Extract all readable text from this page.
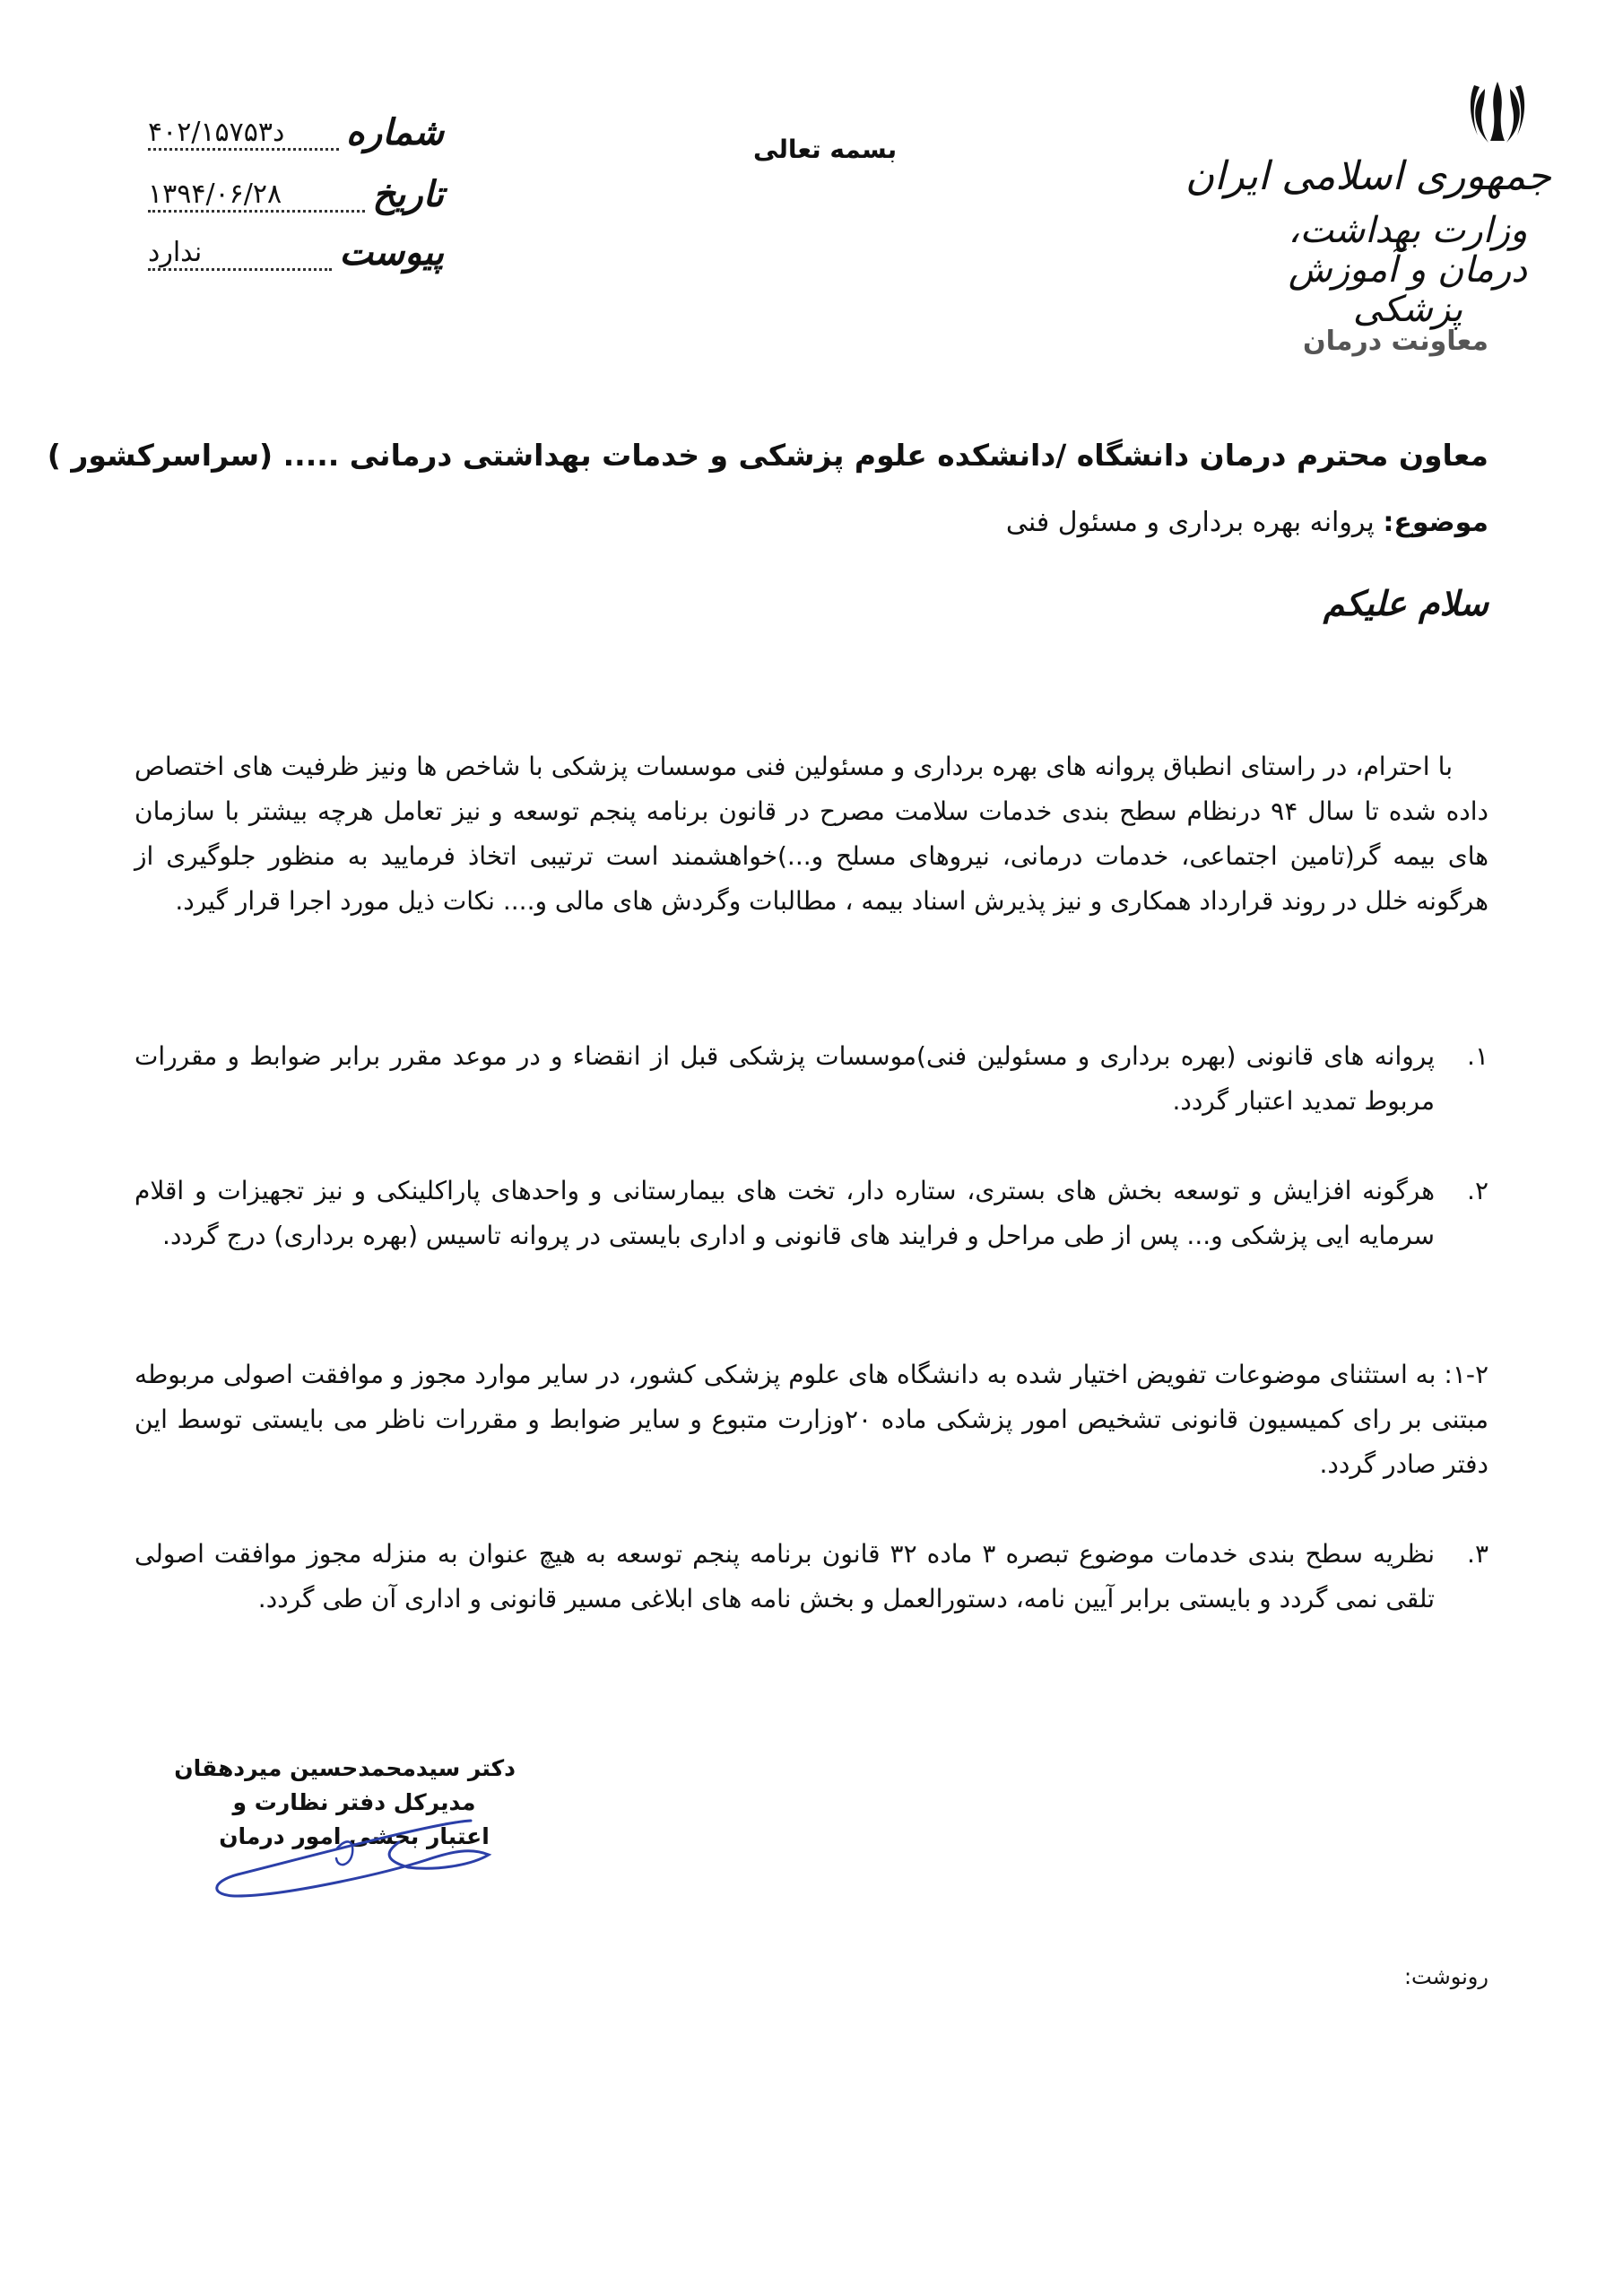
جمهوری اسلامی ایران
وزارت بهداشت، درمان و آموزش پزشکی
معاونت درمان
بسمه تعالی
شماره
۴۰۲/۱۵۷۵۳د
تاریخ
۱۳۹۴/۰۶/۲۸
پیوست
ندارد
معاون محترم درمان دانشگاه /دانشکده علوم پزشکی و خدمات بهداشتی درمانی ..... (سراسرکشور )
موضوع: پروانه بهره برداری و مسئول فنی
سلام علیکم

با احترام، در راستای انطباق پروانه های بهره برداری و مسئولین فنی موسسات پزشکی با شاخص ها ونیز ظرفیت های اختصاص داده شده تا سال ۹۴ درنظام سطح بندی خدمات سلامت مصرح در قانون برنامه پنجم توسعه و نیز تعامل هرچه بیشتر با سازمان های بیمه گر(تامین اجتماعی، خدمات درمانی، نیروهای مسلح و...)خواهشمند است ترتیبی اتخاذ فرمایید به منظور جلوگیری از هرگونه خلل در روند قرارداد همکاری و نیز پذیرش اسناد بیمه ، مطالبات وگردش های مالی و.... نکات ذیل مورد اجرا قرار گیرد.

۱.
پروانه های قانونی (بهره برداری و مسئولین فنی)موسسات پزشکی قبل از انقضاء و در موعد مقرر برابر ضوابط و مقررات مربوط تمدید اعتبار گردد.
۲.
هرگونه افزایش و توسعه بخش های بستری، ستاره دار، تخت های بیمارستانی و واحدهای پاراکلینکی و نیز تجهیزات و اقلام سرمایه ایی پزشکی و... پس از طی مراحل و فرایند های قانونی و اداری بایستی در پروانه تاسیس (بهره برداری) درج گردد.

۱-۲: به استثنای موضوعات تفویض اختیار شده به دانشگاه های علوم پزشکی کشور، در سایر موارد مجوز و موافقت اصولی مربوطه مبتنی بر رای کمیسیون قانونی تشخیص امور پزشکی ماده ۲۰وزارت متبوع و سایر ضوابط و مقررات ناظر می بایستی توسط این دفتر صادر گردد.

۳.
نظریه سطح بندی خدمات موضوع تبصره ۳ ماده ۳۲ قانون برنامه پنجم توسعه به هیچ عنوان به منزله مجوز موافقت اصولی تلقی نمی گردد و بایستی برابر آیین نامه، دستورالعمل و بخش نامه های ابلاغی مسیر قانونی و اداری آن طی گردد.
دکتر سیدمحمدحسین میردهقان
مدیرکل دفتر نظارت و
اعتبار بخشی امور درمان
رونوشت:
